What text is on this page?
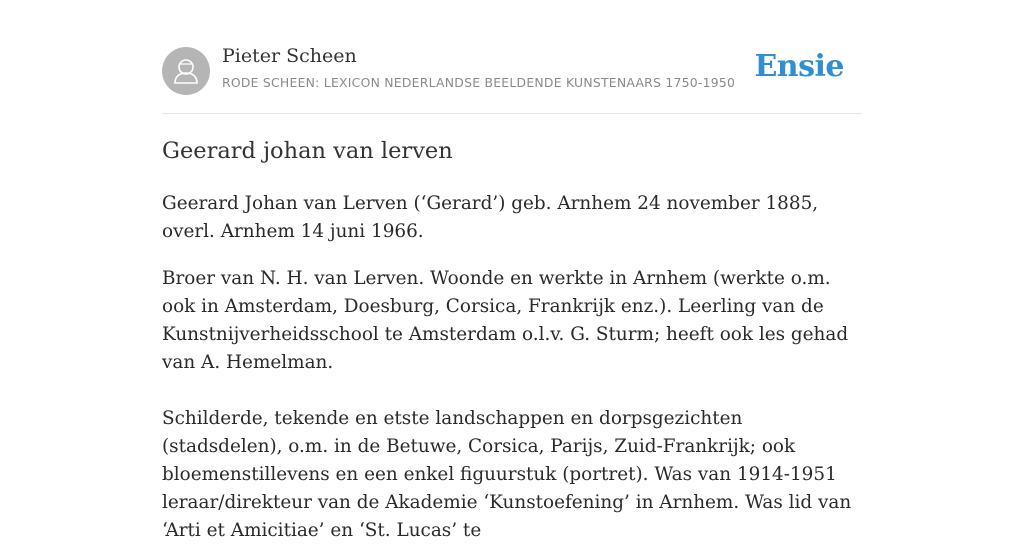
Pieter Scheen
RODE SCHEEN: LEXICON NEDERLANDSE BEELDENDE KUNSTENAARS 1750-1950 Ensie
Geerard johan van lerven

Geerard Johan van Lerven (‘Gerard’) geb. Arnhem 24 november 1885, overl. Arnhem 14 juni 1966.

Broer van N. H. van Lerven. Woonde en werkte in Arnhem (werkte o.m. ook in Amsterdam, Doesburg, Corsica, Frankrijk enz.). Leerling van de Kunstnijverheidsschool te Amsterdam o.l.v. G. Sturm; heeft ook les gehad van A. Hemelman.

Schilderde, tekende en etste landschappen en dorpsgezichten (stadsdelen), o.m. in de Betuwe, Corsica, Parijs, Zuid-Frankrijk; ook bloemenstillevens en een enkel figuurstuk (portret). Was van 1914-1951 leraar/direkteur van de Akademie ‘Kunstoefening’ in Arnhem. Was lid van ‘Arti et Amicitiae’ en ‘St. Lucas’ te
